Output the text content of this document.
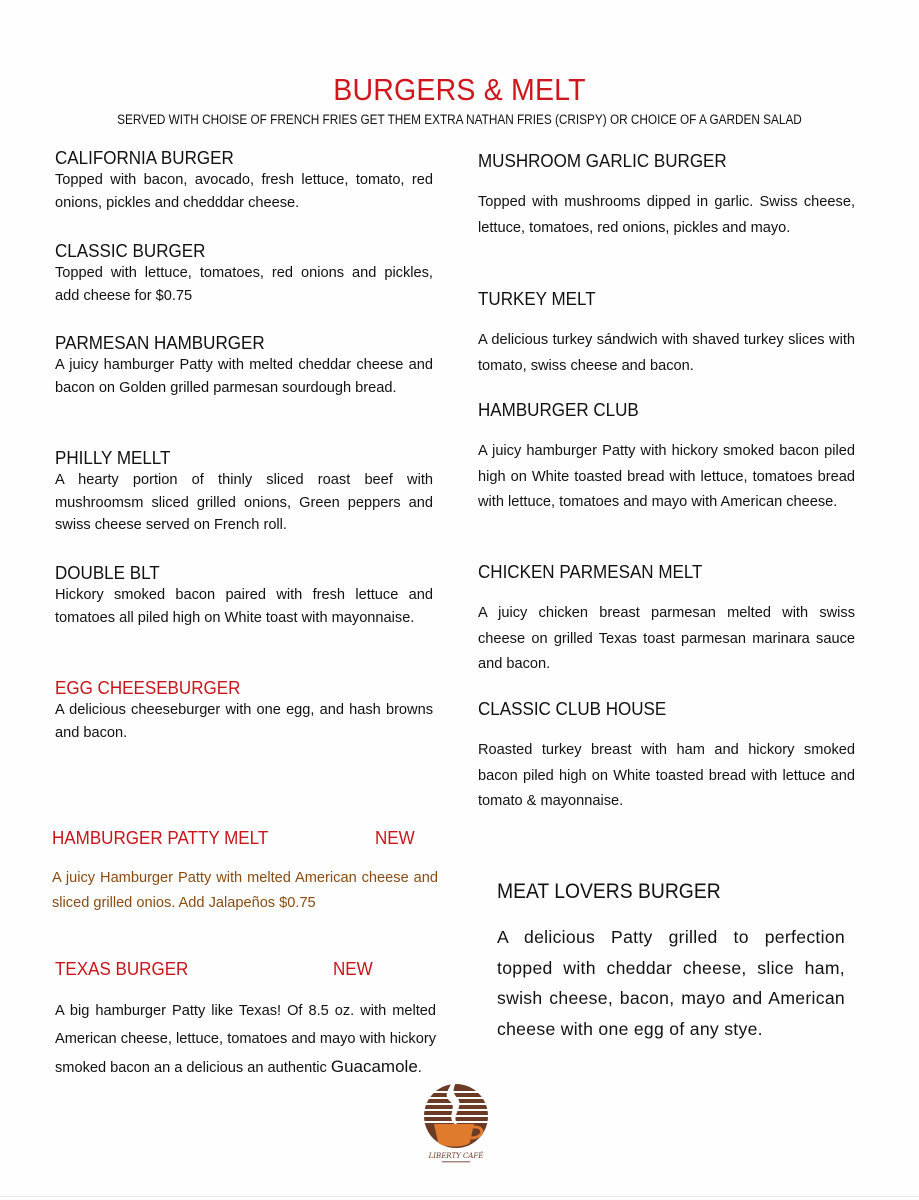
BURGERS & MELT
SERVED WITH CHOISE OF FRENCH FRIES GET THEM EXTRA NATHAN FRIES (CRISPY) OR CHOICE OF A GARDEN SALAD
CALIFORNIA BURGER

Topped with bacon, avocado, fresh lettuce, tomato, red onions, pickles and chedddar cheese.

CLASSIC BURGER

Topped with lettuce, tomatoes, red onions and pickles, add cheese for $0.75

PARMESAN HAMBURGER

A juicy hamburger Patty with melted cheddar cheese and bacon on Golden grilled parmesan sourdough bread.

PHILLY MELLT

A hearty portion of thinly sliced roast beef with mushroomsm sliced grilled onions, Green peppers and swiss cheese served on French roll.

DOUBLE BLT

Hickory smoked bacon paired with fresh lettuce and tomatoes all piled high on White toast with mayonnaise.

EGG CHEESEBURGER

A delicious cheeseburger with one egg, and hash browns and bacon.

MUSHROOM GARLIC BURGER

Topped with mushrooms dipped in garlic. Swiss cheese, lettuce, tomatoes, red onions, pickles and mayo.

TURKEY MELT

A delicious turkey sándwich with shaved turkey slices with tomato, swiss cheese and bacon.

HAMBURGER CLUB

A juicy hamburger Patty with hickory smoked bacon piled high on White toasted bread with lettuce, tomatoes bread with lettuce, tomatoes and mayo with American cheese.

CHICKEN PARMESAN MELT

A juicy chicken breast parmesan melted with swiss cheese on grilled Texas toast parmesan marinara sauce and bacon.

CLASSIC CLUB HOUSE

Roasted turkey breast with ham and hickory smoked bacon piled high on White toasted bread with lettuce and tomato & mayonnaise.

HAMBURGER PATTY MELT

A juicy Hamburger Patty with melted American cheese and sliced grilled onios. Add Jalapeños $0.75

NEW
TEXAS BURGER

A big hamburger Patty like Texas! Of 8.5 oz. with melted American cheese, lettuce, tomatoes and mayo with hickory smoked bacon an a delicious an authentic Guacamole.

NEW
MEAT LOVERS BURGER

A delicious Patty grilled to perfection topped with cheddar cheese, slice ham, swish cheese, bacon, mayo and American cheese with one egg of any stye.

LIBERTY CAFÉ
